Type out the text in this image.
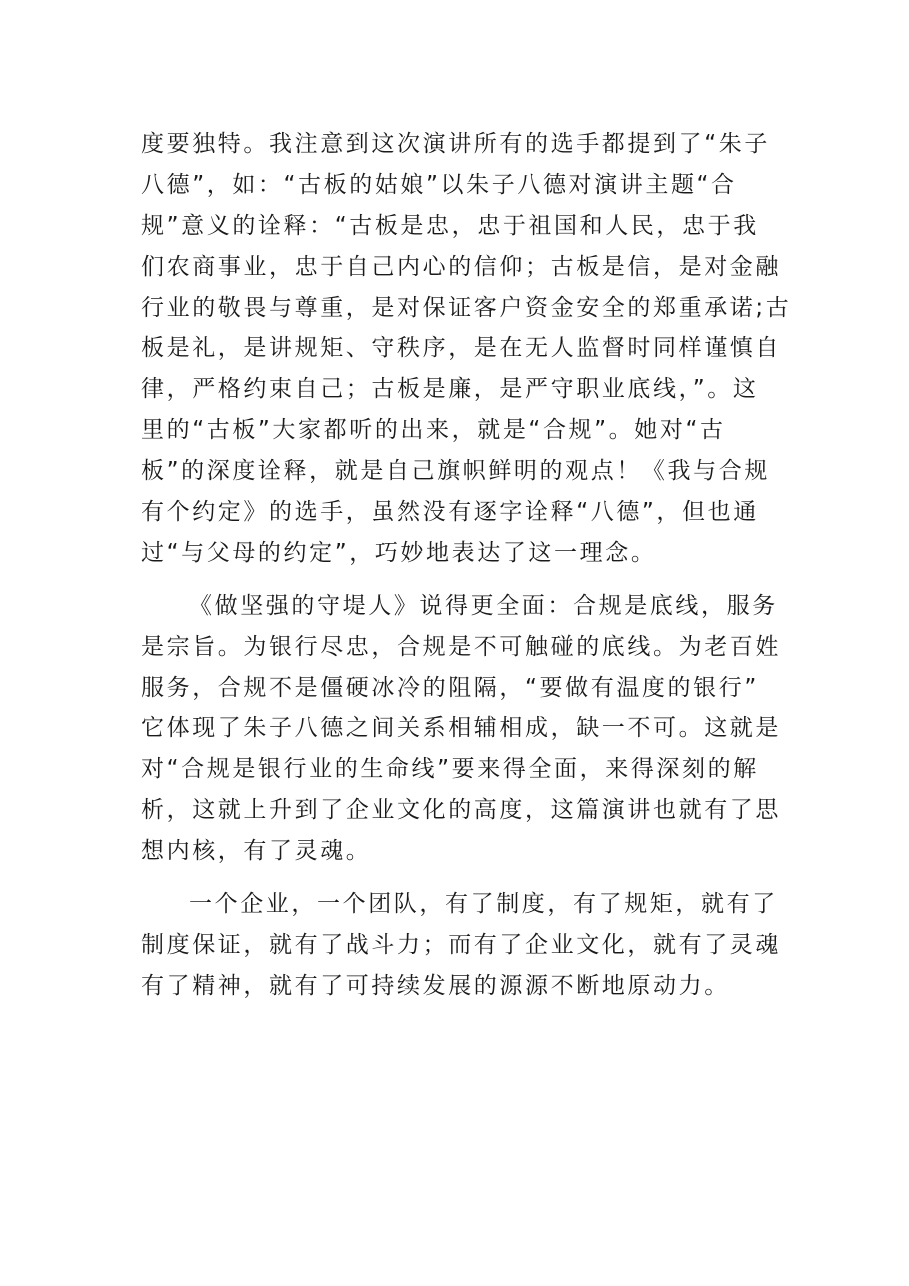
度要独特。我注意到这次演讲所有的选手都提到了“朱子
八德”，如：“古板的姑娘”以朱子八德对演讲主题“合
规”意义的诠释：“古板是忠，忠于祖国和人民，忠于我
们农商事业，忠于自己内心的信仰；古板是信，是对金融
行业的敬畏与尊重，是对保证客户资金安全的郑重承诺;古
板是礼，是讲规矩、守秩序，是在无人监督时同样谨慎自
律，严格约束自己；古板是廉，是严守职业底线，”。这
里的“古板”大家都听的出来，就是“合规”。她对“古
板”的深度诠释，就是自己旗帜鲜明的观点！《我与合规
有个约定》的选手，虽然没有逐字诠释“八德”，但也通
过“与父母的约定”，巧妙地表达了这一理念。
《做坚强的守堤人》说得更全面：合规是底线，服务
是宗旨。为银行尽忠，合规是不可触碰的底线。为老百姓
服务，合规不是僵硬冰冷的阻隔，“要做有温度的银行”
它体现了朱子八德之间关系相辅相成，缺一不可。这就是
对“合规是银行业的生命线”要来得全面，来得深刻的解
析，这就上升到了企业文化的高度，这篇演讲也就有了思
想内核，有了灵魂。
一个企业，一个团队，有了制度，有了规矩，就有了
制度保证，就有了战斗力；而有了企业文化，就有了灵魂
有了精神，就有了可持续发展的源源不断地原动力。
